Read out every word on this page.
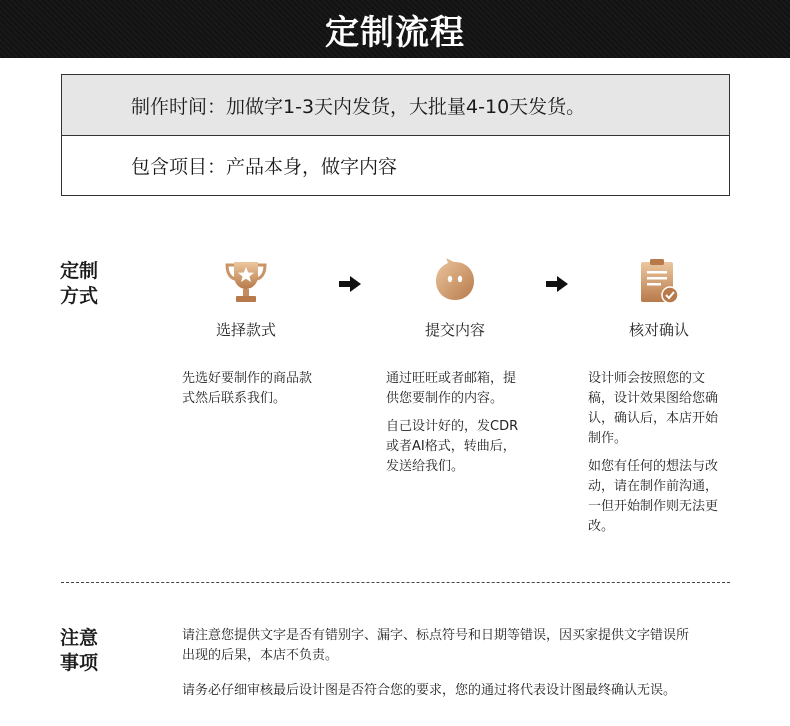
定制流程
制作时间：加做字1-3天内发货，大批量4-10天发货。
包含项目：产品本身，做字内容
定制
方式
选择款式	提交内容	核对确认

先选好要制作的商品款
式然后联系我们。

通过旺旺或者邮箱，提
供您要制作的内容。

自己设计好的，发CDR
或者AI格式，转曲后，
发送给我们。

设计师会按照您的文
稿，设计效果图给您确
认，确认后，本店开始
制作。

如您有任何的想法与改
动，请在制作前沟通，
一但开始制作则无法更
改。

注意
事项
请注意您提供文字是否有错别字、漏字、标点符号和日期等错误，因买家提供文字错误所
出现的后果，本店不负责。
请务必仔细审核最后设计图是否符合您的要求，您的通过将代表设计图最终确认无误。
